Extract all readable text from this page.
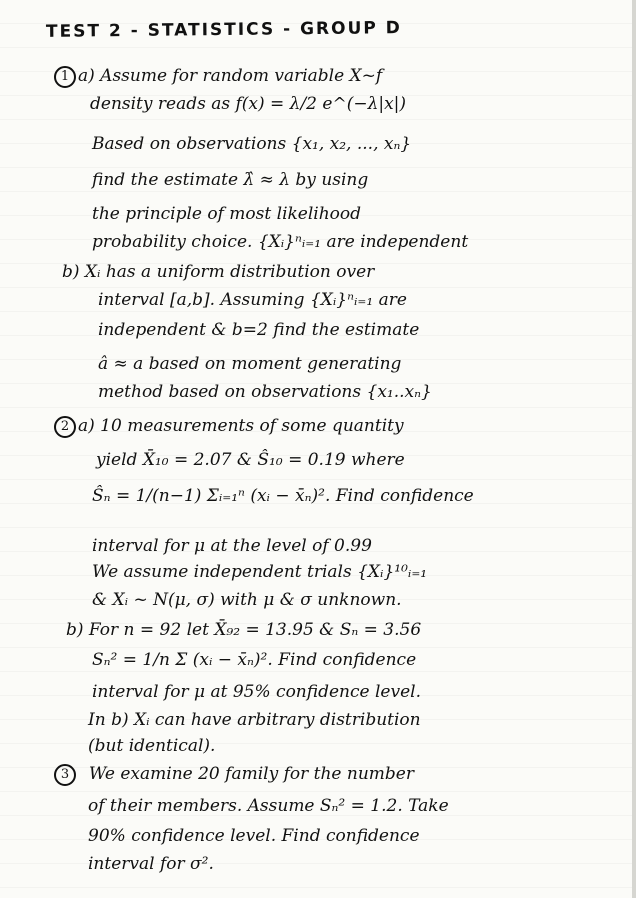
TEST 2 - STATISTICS - GROUP D
1 a) Assume for random variable X~f
density reads as f(x) = λ/2 e^(−λ|x|)
Based on observations {x₁, x₂, ..., xₙ}
find the estimate λ̂ ≈ λ by using
the principle of most likelihood
probability choice. {Xᵢ}ⁿᵢ₌₁ are independent
b) Xᵢ has a uniform distribution over
interval [a,b]. Assuming {Xᵢ}ⁿᵢ₌₁ are
independent & b=2 find the estimate
â ≈ a based on moment generating
method based on observations {x₁..xₙ}
2 a) 10 measurements of some quantity
yield X̄₁₀ = 2.07 & Ŝ₁₀ = 0.19 where
Ŝₙ = 1/(n−1) Σᵢ₌₁ⁿ (xᵢ − x̄ₙ)². Find confidence
interval for μ at the level of 0.99
We assume independent trials {Xᵢ}¹⁰ᵢ₌₁
& Xᵢ ~ N(μ, σ) with μ & σ unknown.
b) For n = 92 let X̄₉₂ = 13.95 & Sₙ = 3.56
Sₙ² = 1/n Σ (xᵢ − x̄ₙ)². Find confidence
interval for μ at 95% confidence level.
In b) Xᵢ can have arbitrary distribution
(but identical).
3 We examine 20 family for the number
of their members. Assume Sₙ² = 1.2. Take
90% confidence level. Find confidence
interval for σ².
